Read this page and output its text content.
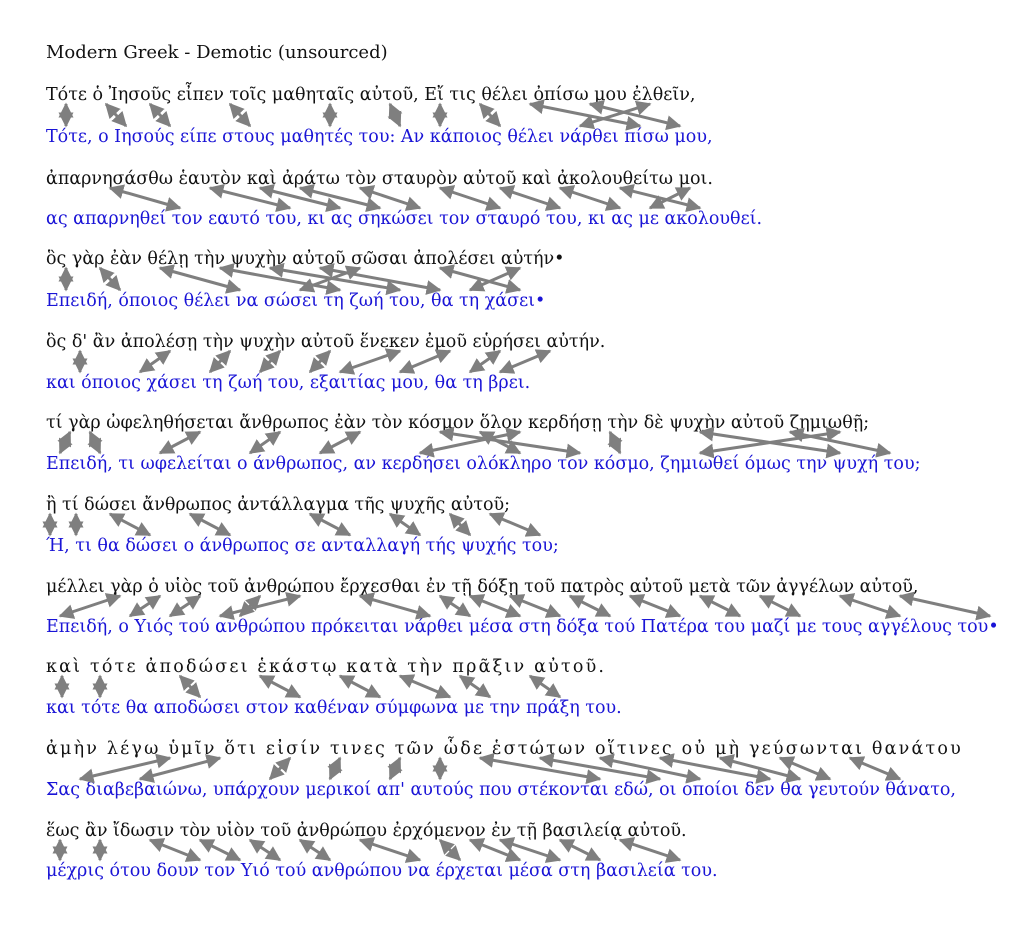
Modern Greek - Demotic (unsourced)
Τότε ὁ Ἰησοῦς εἶπεν τοῖς μαθηταῖς αὐτοῦ, Εἴ τις θέλει ὀπίσω μου ἐλθεῖν,
Τότε, ο Ιησούς είπε στους μαθητές του: Αν κάποιος θέλει νάρθει πίσω μου,
ἀπαρνησάσθω ἑαυτὸν καὶ ἀράτω τὸν σταυρὸν αὐτοῦ καὶ ἀκολουθείτω μοι.
ας απαρνηθεί τον εαυτό του, κι ας σηκώσει τον σταυρό του, κι ας με ακολουθεί.
ὃς γὰρ ἐὰν θέλῃ τὴν ψυχὴν αὐτοῦ σῶσαι ἀπολέσει αὐτήν•
Επειδή, όποιος θέλει να σώσει τη ζωή του, θα τη χάσει•
ὃς δ' ἂν ἀπολέσῃ τὴν ψυχὴν αὐτοῦ ἕνεκεν ἐμοῦ εὑρήσει αὐτήν.
και όποιος χάσει τη ζωή του, εξαιτίας μου, θα τη βρει.
τί γὰρ ὠφεληθήσεται ἄνθρωπος ἐὰν τὸν κόσμον ὅλον κερδήσῃ τὴν δὲ ψυχὴν αὐτοῦ ζημιωθῇ;
Επειδή, τι ωφελείται ο άνθρωπος, αν κερδήσει ολόκληρο τον κόσμο, ζημιωθεί όμως την ψυχή του;
ἢ τί δώσει ἄνθρωπος ἀντάλλαγμα τῆς ψυχῆς αὐτοῦ;
Ή, τι θα δώσει ο άνθρωπος σε ανταλλαγή τής ψυχής του;
μέλλει γὰρ ὁ υἱὸς τοῦ ἀνθρώπου ἔρχεσθαι ἐν τῇ δόξῃ τοῦ πατρὸς αὐτοῦ μετὰ τῶν ἀγγέλων αὐτοῦ,
Επειδή, ο Υιός τού ανθρώπου πρόκειται νάρθει μέσα στη δόξα τού Πατέρα του μαζί με τους αγγέλους του•
καὶ τότε ἀποδώσει ἑκάστῳ κατὰ τὴν πρᾶξιν αὐτοῦ.
και τότε θα αποδώσει στον καθέναν σύμφωνα με την πράξη του.
ἀμὴν λέγω ὑμῖν ὅτι εἰσίν τινες τῶν ὧδε ἑστώτων οἵτινες οὐ μὴ γεύσωνται θανάτου
Σας διαβεβαιώνω, υπάρχουν μερικοί απ' αυτούς που στέκονται εδώ, οι οποίοι δεν θα γευτούν θάνατο,
ἕως ἂν ἴδωσιν τὸν υἱὸν τοῦ ἀνθρώπου ἐρχόμενον ἐν τῇ βασιλείᾳ αὐτοῦ.
μέχρις ότου δουν τον Υιό τού ανθρώπου να έρχεται μέσα στη βασιλεία του.
